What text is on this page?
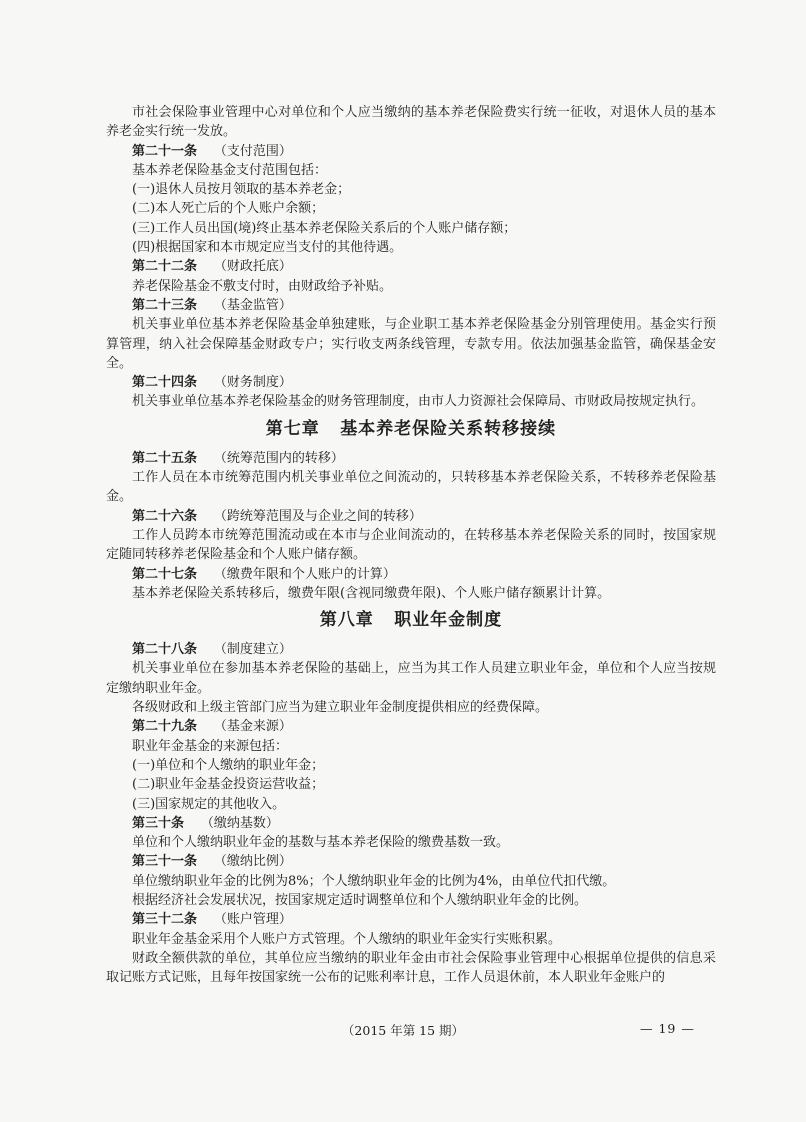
市社会保险事业管理中心对单位和个人应当缴纳的基本养老保险费实行统一征收，对退休人员的基本养老金实行统一发放。

第二十一条 （支付范围）

基本养老保险基金支付范围包括：

(一)退休人员按月领取的基本养老金；

(二)本人死亡后的个人账户余额；

(三)工作人员出国(境)终止基本养老保险关系后的个人账户储存额；

(四)根据国家和本市规定应当支付的其他待遇。

第二十二条 （财政托底）

养老保险基金不敷支付时，由财政给予补贴。

第二十三条 （基金监管）

机关事业单位基本养老保险基金单独建账，与企业职工基本养老保险基金分别管理使用。基金实行预算管理，纳入社会保障基金财政专户；实行收支两条线管理，专款专用。依法加强基金监管，确保基金安全。

第二十四条 （财务制度）

机关事业单位基本养老保险基金的财务管理制度，由市人力资源社会保障局、市财政局按规定执行。

第七章 基本养老保险关系转移接续

第二十五条 （统筹范围内的转移）

工作人员在本市统筹范围内机关事业单位之间流动的，只转移基本养老保险关系，不转移养老保险基金。

第二十六条 （跨统筹范围及与企业之间的转移）

工作人员跨本市统筹范围流动或在本市与企业间流动的，在转移基本养老保险关系的同时，按国家规定随同转移养老保险基金和个人账户储存额。

第二十七条 （缴费年限和个人账户的计算）

基本养老保险关系转移后，缴费年限(含视同缴费年限)、个人账户储存额累计计算。

第八章 职业年金制度

第二十八条 （制度建立）

机关事业单位在参加基本养老保险的基础上，应当为其工作人员建立职业年金，单位和个人应当按规定缴纳职业年金。

各级财政和上级主管部门应当为建立职业年金制度提供相应的经费保障。

第二十九条 （基金来源）

职业年金基金的来源包括：

(一)单位和个人缴纳的职业年金；

(二)职业年金基金投资运营收益；

(三)国家规定的其他收入。

第三十条 （缴纳基数）

单位和个人缴纳职业年金的基数与基本养老保险的缴费基数一致。

第三十一条 （缴纳比例）

单位缴纳职业年金的比例为8%；个人缴纳职业年金的比例为4%，由单位代扣代缴。

根据经济社会发展状况，按国家规定适时调整单位和个人缴纳职业年金的比例。

第三十二条 （账户管理）

职业年金基金采用个人账户方式管理。个人缴纳的职业年金实行实账积累。

财政全额供款的单位，其单位应当缴纳的职业年金由市社会保险事业管理中心根据单位提供的信息采取记账方式记账，且每年按国家统一公布的记账利率计息，工作人员退休前，本人职业年金账户的

（2015 年第 15 期）	— 19 —
